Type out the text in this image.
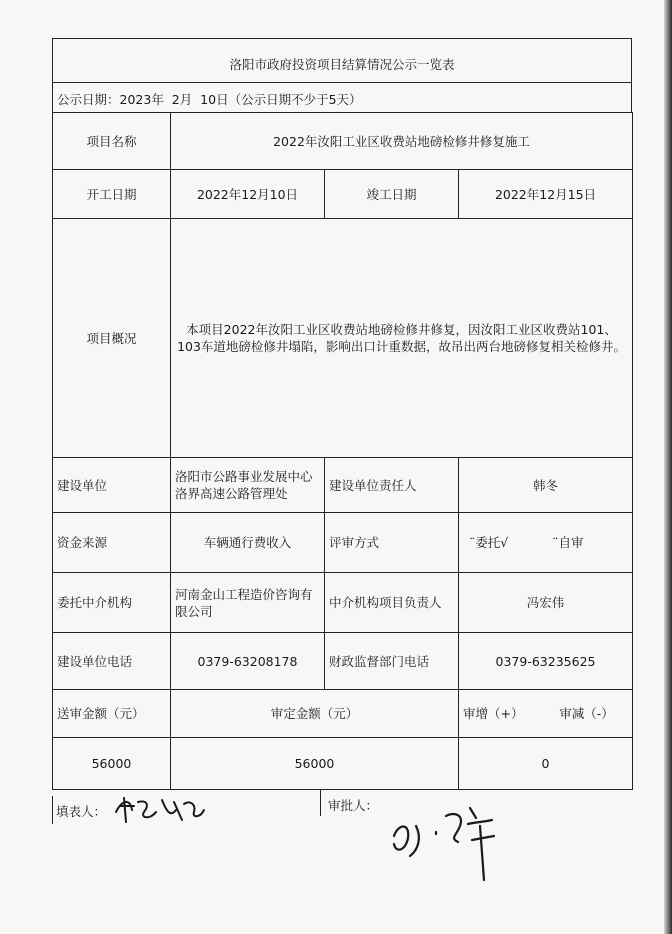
洛阳市政府投资项目结算情况公示一览表
公示日期：2023年  2月  10日（公示日期不少于5天）
项目名称	2022年汝阳工业区收费站地磅检修井修复施工		
开工日期	2022年12月10日	竣工日期	2022年12月15日
项目概况	本项目2022年汝阳工业区收费站地磅检修井修复，因汝阳工业区收费站101、103车道地磅检修井塌陷，影响出口计重数据，故吊出两台地磅修复相关检修井。		
建设单位	洛阳市公路事业发展中心洛界高速公路管理处	建设单位责任人	韩冬
资金来源	车辆通行费收入	评审方式	¨委托√ ¨自审
委托中介机构	河南金山工程造价咨询有限公司	中介机构项目负责人	冯宏伟
建设单位电话	0379-63208178	财政监督部门电话	0379-63235625
送审金额（元）	审定金额（元）		审增（+）         审减（-）
56000	56000		0
填表人：	审批人：
